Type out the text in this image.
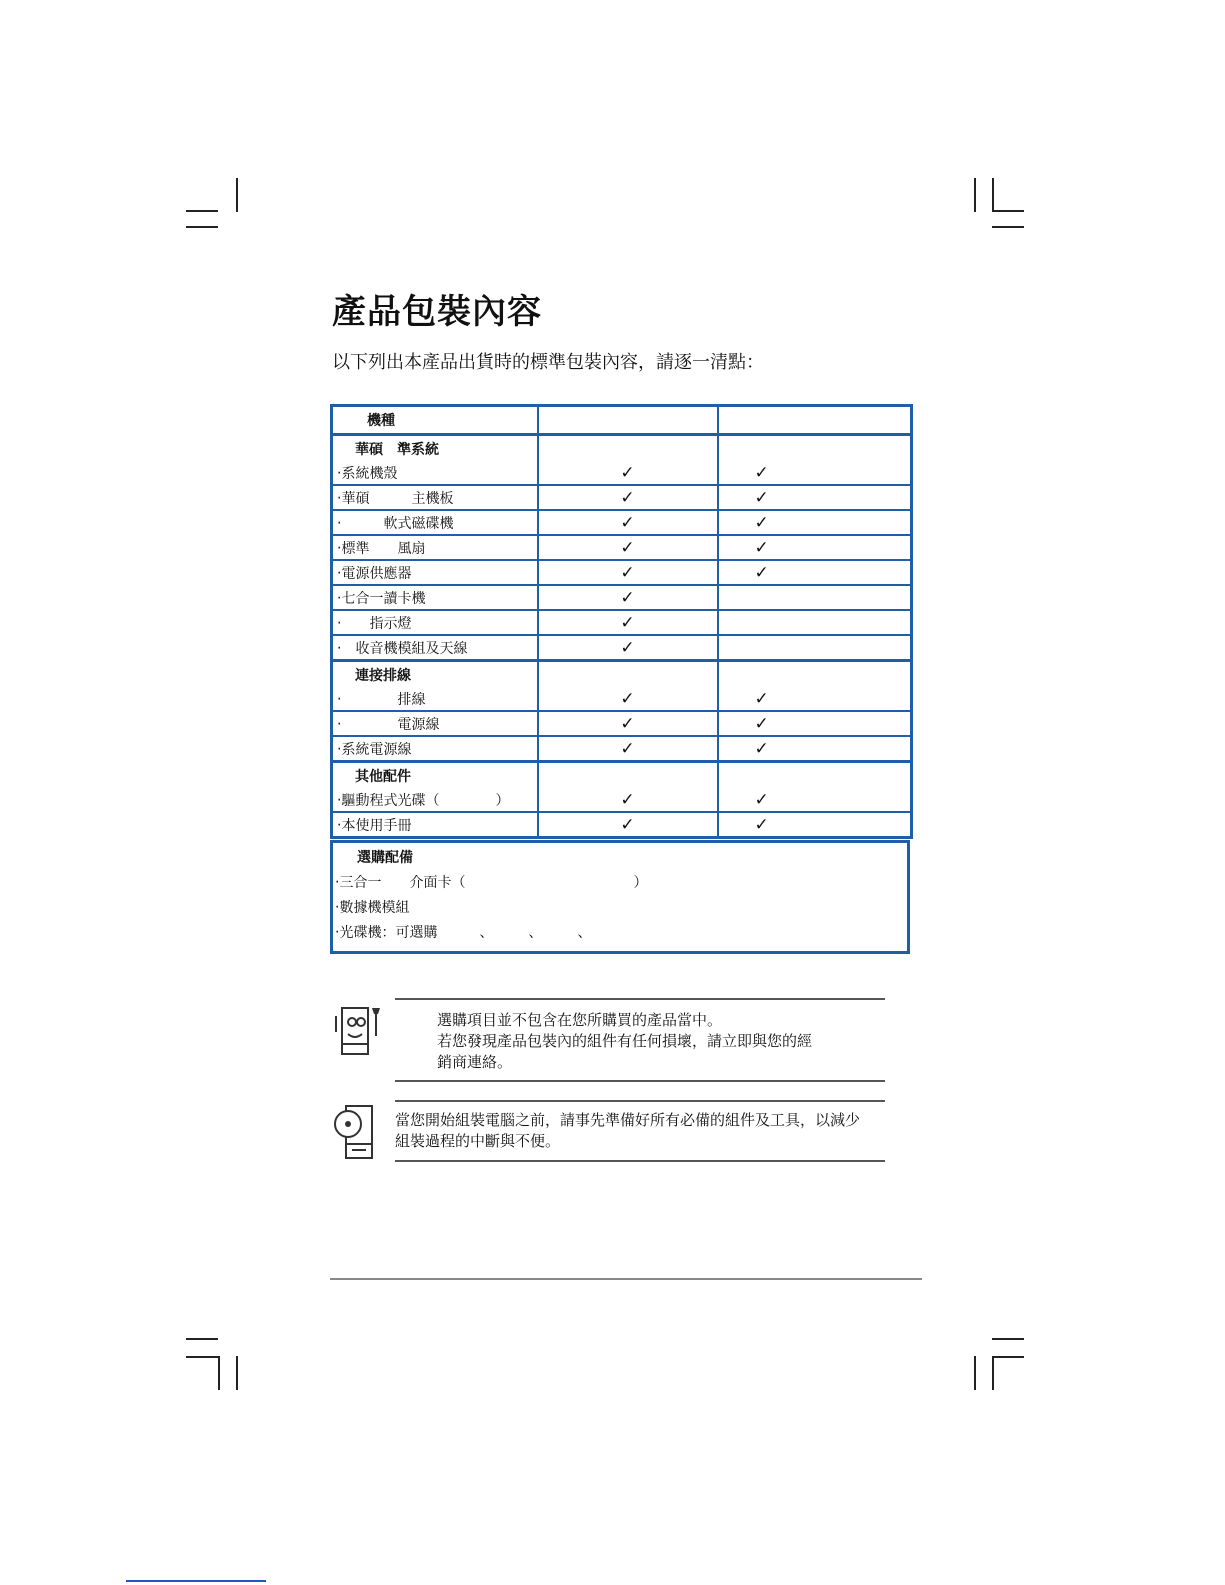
產品包裝內容

以下列出本產品出貨時的標準包裝內容，請逐一清點：

機種		
華碩　準系統		
‧系統機殼	✓	✓
‧華碩　　　主機板	✓	✓
‧　　　軟式磁碟機	✓	✓
‧標準　　風扇	✓	✓
‧電源供應器	✓	✓
‧七合一讀卡機	✓	
‧　　指示燈	✓	
‧　收音機模組及天線	✓	
連接排線		
‧　　　　排線	✓	✓
‧　　　　電源線	✓	✓
‧系統電源線	✓	✓
其他配件		
‧驅動程式光碟（　　　　）	✓	✓
‧本使用手冊	✓	✓
選購配備
‧三合一　　介面卡（　　　　　　　　　　　　）
‧數據機模組
‧光碟機：可選購　　　、　　　、　　　、

選購項目並不包含在您所購買的產品當中。

若您發現產品包裝內的組件有任何損壞，請立即與您的經

銷商連絡。

當您開始組裝電腦之前，請事先準備好所有必備的組件及工具，以減少

組裝過程的中斷與不便。
